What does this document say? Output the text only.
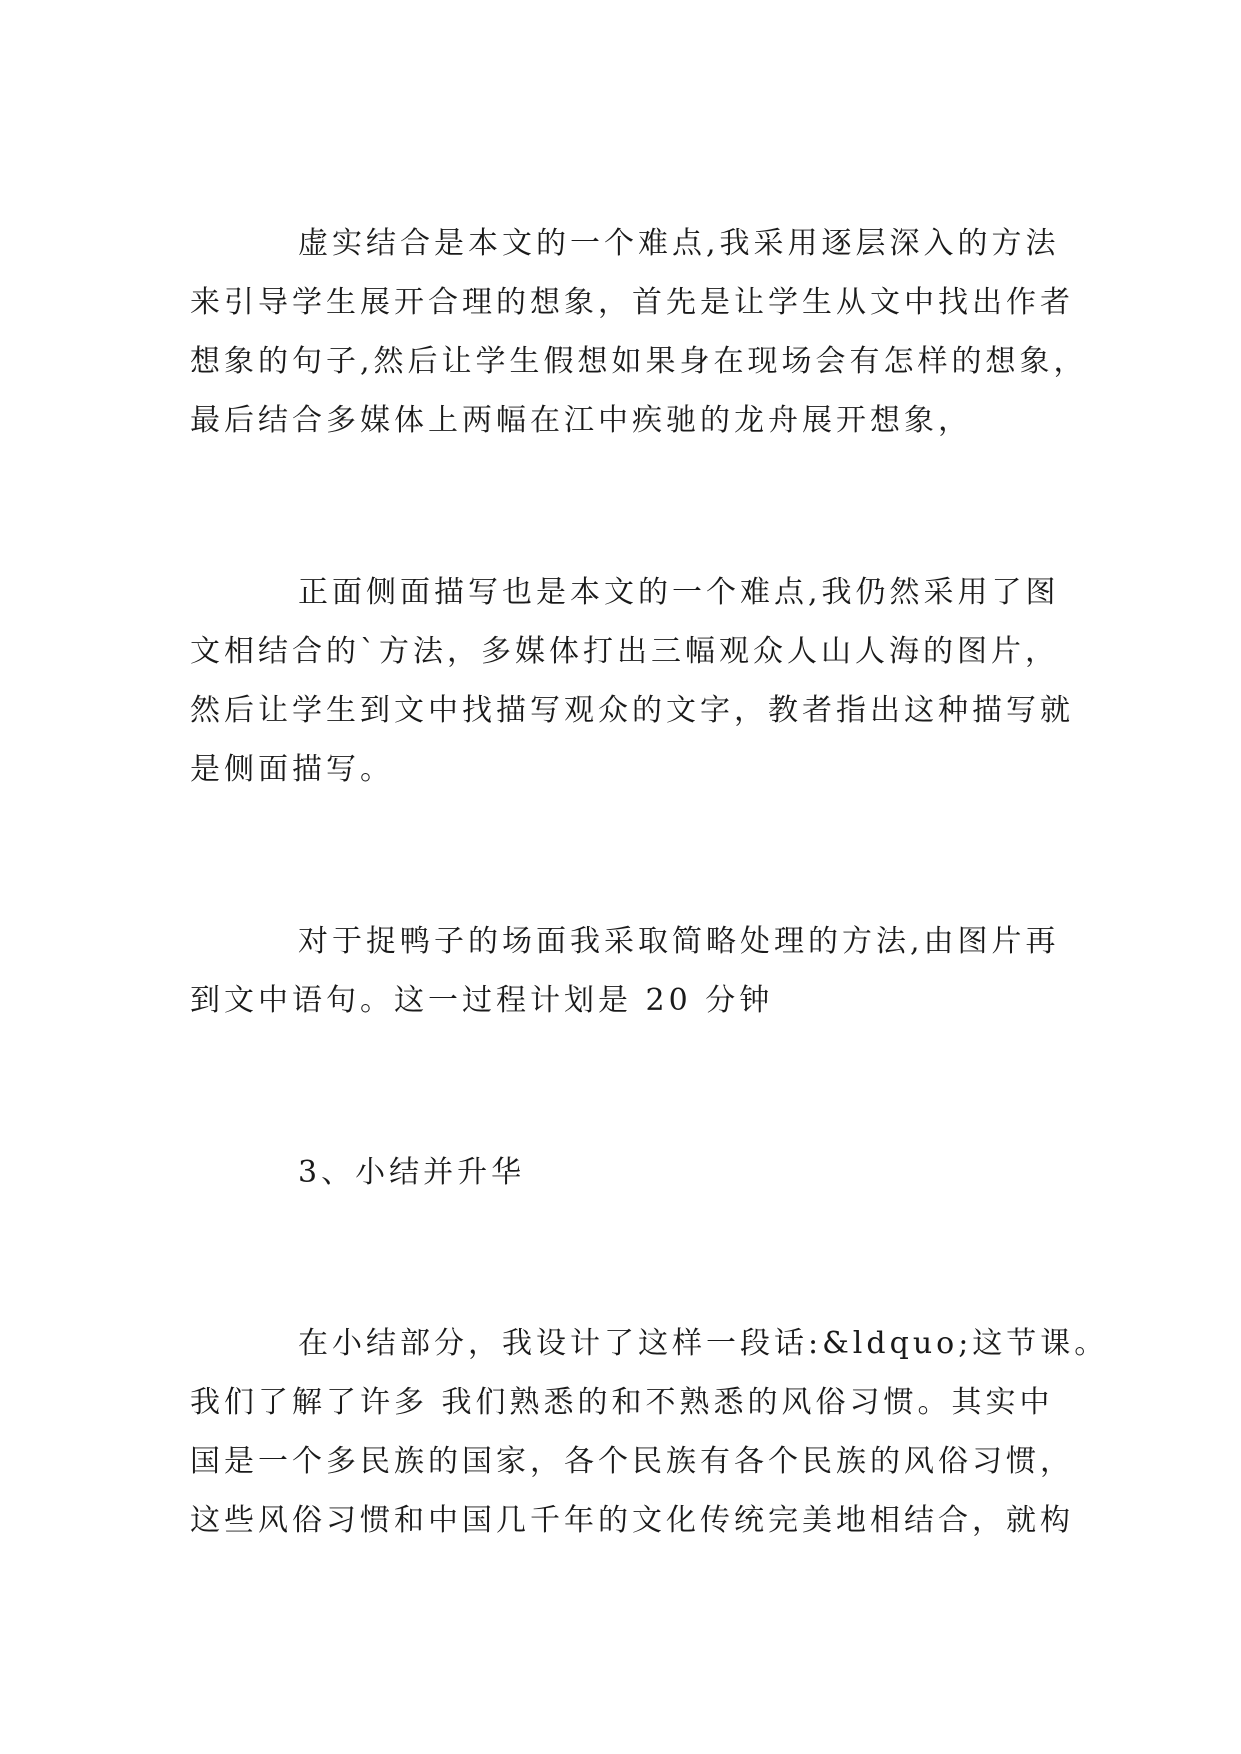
虚实结合是本文的一个难点,我采用逐层深入的方法
来引导学生展开合理的想象，首先是让学生从文中找出作者
想象的句子,然后让学生假想如果身在现场会有怎样的想象，
最后结合多媒体上两幅在江中疾驰的龙舟展开想象，
正面侧面描写也是本文的一个难点,我仍然采用了图
文相结合的`方法，多媒体打出三幅观众人山人海的图片，
然后让学生到文中找描写观众的文字，教者指出这种描写就
是侧面描写。
对于捉鸭子的场面我采取简略处理的方法,由图片再
到文中语句。这一过程计划是 20 分钟
3、小结并升华
在小结部分，我设计了这样一段话:&ldquo;这节课。
我们了解了许多 我们熟悉的和不熟悉的风俗习惯。其实中
国是一个多民族的国家，各个民族有各个民族的风俗习惯，
这些风俗习惯和中国几千年的文化传统完美地相结合，就构
